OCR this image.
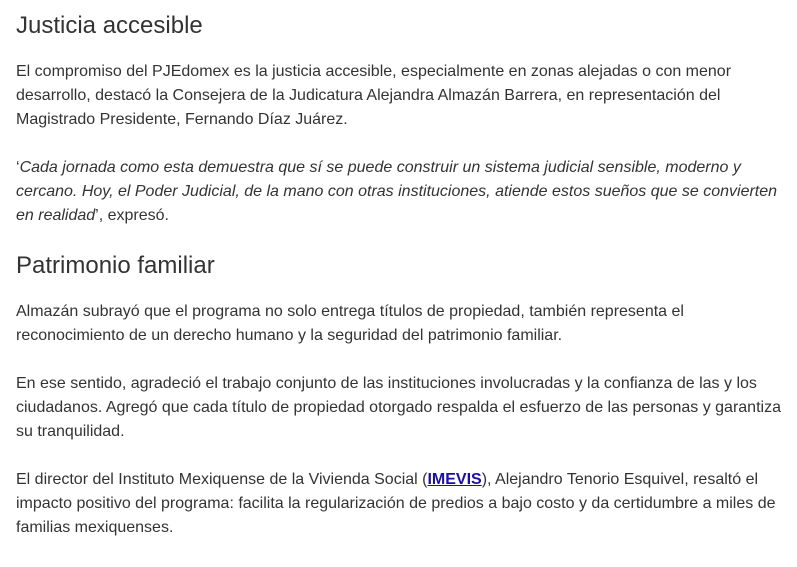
Justicia accesible

El compromiso del PJEdomex es la justicia accesible, especialmente en zonas alejadas o con menor desarrollo, destacó la Consejera de la Judicatura Alejandra Almazán Barrera, en representación del Magistrado Presidente, Fernando Díaz Juárez.

‘Cada jornada como esta demuestra que sí se puede construir un sistema judicial sensible, moderno y cercano. Hoy, el Poder Judicial, de la mano con otras instituciones, atiende estos sueños que se convierten en realidad’, expresó.

Patrimonio familiar

Almazán subrayó que el programa no solo entrega títulos de propiedad, también representa el reconocimiento de un derecho humano y la seguridad del patrimonio familiar.

En ese sentido, agradeció el trabajo conjunto de las instituciones involucradas y la confianza de las y los ciudadanos. Agregó que cada título de propiedad otorgado respalda el esfuerzo de las personas y garantiza su tranquilidad.

El director del Instituto Mexiquense de la Vivienda Social (IMEVIS), Alejandro Tenorio Esquivel, resaltó el impacto positivo del programa: facilita la regularización de predios a bajo costo y da certidumbre a miles de familias mexiquenses.
